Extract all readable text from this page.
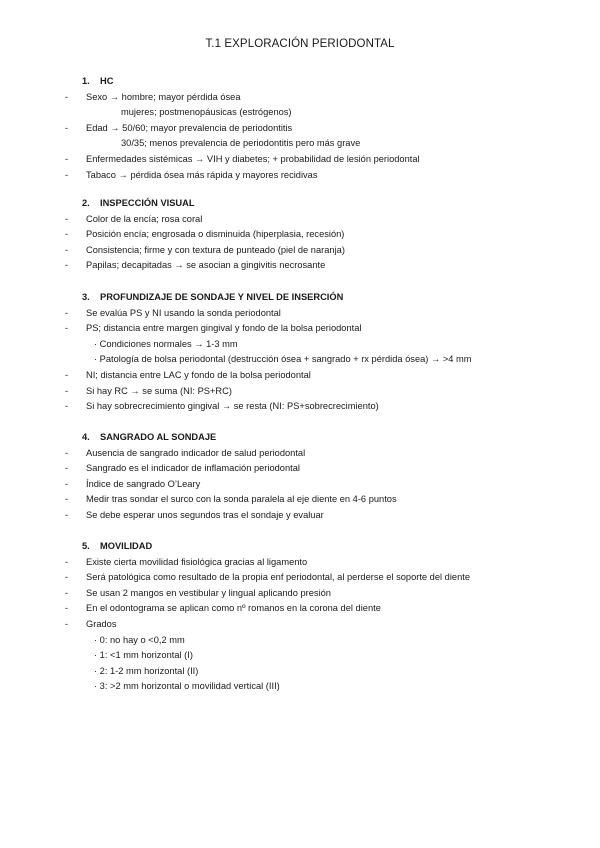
T.1 EXPLORACIÓN PERIODONTAL
1. HC
- Sexo → hombre; mayor pérdida ósea
mujeres; postmenopáusicas (estrógenos)
- Edad → 50/60; mayor prevalencia de periodontitis
30/35; menos prevalencia de periodontitis pero más grave
- Enfermedades sistémicas → VIH y diabetes; + probabilidad de lesión periodontal
- Tabaco → pérdida ósea más rápida y mayores recidivas
2. INSPECCIÓN VISUAL
- Color de la encía; rosa coral
- Posición encía; engrosada o disminuida (hiperplasia, recesión)
- Consistencia; firme y con textura de punteado (piel de naranja)
- Papilas; decapitadas → se asocian a gingivitis necrosante
3. PROFUNDIZAJE DE SONDAJE Y NIVEL DE INSERCIÓN
- Se evalúa PS y NI usando la sonda periodontal
- PS; distancia entre margen gingival y fondo de la bolsa periodontal
· Condiciones normales → 1-3 mm
· Patología de bolsa periodontal (destrucción ósea + sangrado + rx pérdida ósea) → >4 mm
- NI; distancia entre LAC y fondo de la bolsa periodontal
- Si hay RC → se suma (NI: PS+RC)
- Si hay sobrecrecimiento gingival → se resta (NI: PS+sobrecrecimiento)
4. SANGRADO AL SONDAJE
- Ausencia de sangrado indicador de salud periodontal
- Sangrado es el indicador de inflamación periodontal
- Índice de sangrado O’Leary
- Medir tras sondar el surco con la sonda paralela al eje diente en 4-6 puntos
- Se debe esperar unos segundos tras el sondaje y evaluar
5. MOVILIDAD
- Existe cierta movilidad fisiológica gracias al ligamento
- Será patológica como resultado de la propia enf periodontal, al perderse el soporte del diente
- Se usan 2 mangos en vestibular y lingual aplicando presión
- En el odontograma se aplican como nº romanos en la corona del diente
- Grados
· 0: no hay o <0,2 mm
· 1: <1 mm horizontal (I)
· 2: 1-2 mm horizontal (II)
· 3: >2 mm horizontal o movilidad vertical (III)
